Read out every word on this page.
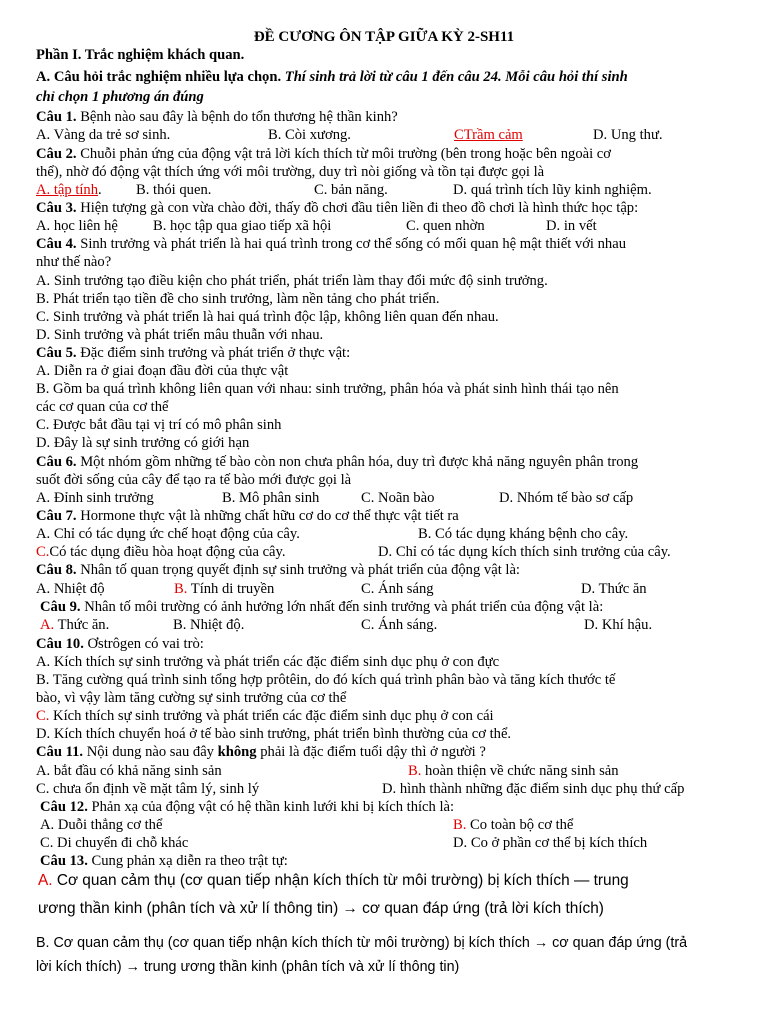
ĐỀ CƯƠNG ÔN TẬP GIỮA KỲ 2-SH11
Phần I. Trắc nghiệm khách quan.
A. Câu hỏi trắc nghiệm nhiều lựa chọn. Thí sinh trả lời từ câu 1 đến câu 24. Mỗi câu hỏi thí sinh
chỉ chọn 1 phương án đúng
Câu 1. Bệnh nào sau đây là bệnh do tổn thương hệ thần kinh?
A. Vàng da trẻ sơ sinh.	B. Còi xương.	CTrầm cảm	D. Ung thư.
Câu 2. Chuỗi phản ứng của động vật trả lời kích thích từ môi trường (bên trong hoặc bên ngoài cơ
thể), nhờ đó động vật thích ứng với môi trường, duy trì nòi giống và tồn tại được gọi là
A. tập tính. B. thói quen.	C. bản năng.	D. quá trình tích lũy kinh nghiệm.
Câu 3. Hiện tượng gà con vừa chào đời, thấy đồ chơi đầu tiên liền đi theo đồ chơi là hình thức học tập:
A. học liên hệ B. học tập qua giao tiếp xã hội	C. quen nhờn	D. in vết
Câu 4. Sinh trưởng và phát triển là hai quá trình trong cơ thể sống có mối quan hệ mật thiết với nhau
như thế nào?
A. Sinh trưởng tạo điều kiện cho phát triển, phát triển làm thay đổi mức độ sinh trưởng.
B. Phát triển tạo tiền đề cho sinh trưởng, làm nền tảng cho phát triển.
C. Sinh trưởng và phát triển là hai quá trình độc lập, không liên quan đến nhau.
D. Sinh trưởng và phát triển mâu thuẫn với nhau.
Câu 5. Đặc điểm sinh trưởng và phát triển ở thực vật:
A. Diễn ra ở giai đoạn đầu đời của thực vật
B. Gồm ba quá trình không liên quan với nhau: sinh trưởng, phân hóa và phát sinh hình thái tạo nên
các cơ quan của cơ thể
C. Được bắt đầu tại vị trí có mô phân sinh
D. Đây là sự sinh trưởng có giới hạn
Câu 6. Một nhóm gồm những tế bào còn non chưa phân hóa, duy trì được khả năng nguyên phân trong
suốt đời sống của cây để tạo ra tế bào mới được gọi là
A. Đỉnh sinh trưởng	B. Mô phân sinh	C. Noãn bào	D. Nhóm tế bào sơ cấp
Câu 7. Hormone thực vật là những chất hữu cơ do cơ thể thực vật tiết ra
A. Chỉ có tác dụng ức chế hoạt động của cây.	B. Có tác dụng kháng bệnh cho cây.
C.Có tác dụng điều hòa hoạt động của cây.	D. Chỉ có tác dụng kích thích sinh trưởng của cây.
Câu 8. Nhân tố quan trọng quyết định sự sinh trưởng và phát triển của động vật là:
A. Nhiệt độ	B. Tính di truyền	C. Ánh sáng	D. Thức ăn
Câu 9. Nhân tố môi trường có ảnh hưởng lớn nhất đến sinh trưởng và phát triển của động vật là:
A. Thức ăn.	B. Nhiệt độ.	C. Ánh sáng.	D. Khí hậu.
Câu 10. Ơstrôgen có vai trò:
A. Kích thích sự sinh trưởng và phát triển các đặc điểm sinh dục phụ ở con đực
B. Tăng cường quá trình sinh tổng hợp prôtêin, do đó kích quá trình phân bào và tăng kích thước tế
bào, vì vậy làm tăng cường sự sinh trưởng của cơ thể
C. Kích thích sự sinh trưởng và phát triển các đặc điểm sinh dục phụ ở con cái
D. Kích thích chuyển hoá ở tế bào sinh trưởng, phát triển bình thường của cơ thể.
Câu 11. Nội dung nào sau đây không phải là đặc điểm tuổi dậy thì ở người ?
A. bắt đầu có khả năng sinh sản	B. hoàn thiện về chức năng sinh sản
C. chưa ổn định về mặt tâm lý, sinh lý	D. hình thành những đặc điểm sinh dục phụ thứ cấp
Câu 12. Phản xạ của động vật có hệ thần kinh lưới khi bị kích thích là:
A. Duỗi thẳng cơ thể	B. Co toàn bộ cơ thể
C. Di chuyển đi chỗ khác	D. Co ở phần cơ thể bị kích thích
Câu 13. Cung phản xạ diễn ra theo trật tự:
A. Cơ quan cảm thụ (cơ quan tiếp nhận kích thích từ môi trường) bị kích thích — trung
ương thần kinh (phân tích và xử lí thông tin) → cơ quan đáp ứng (trả lời kích thích)
B. Cơ quan cảm thụ (cơ quan tiếp nhận kích thích từ môi trường) bị kích thích → cơ quan đáp ứng (trả
lời kích thích) → trung ương thần kinh (phân tích và xử lí thông tin)
